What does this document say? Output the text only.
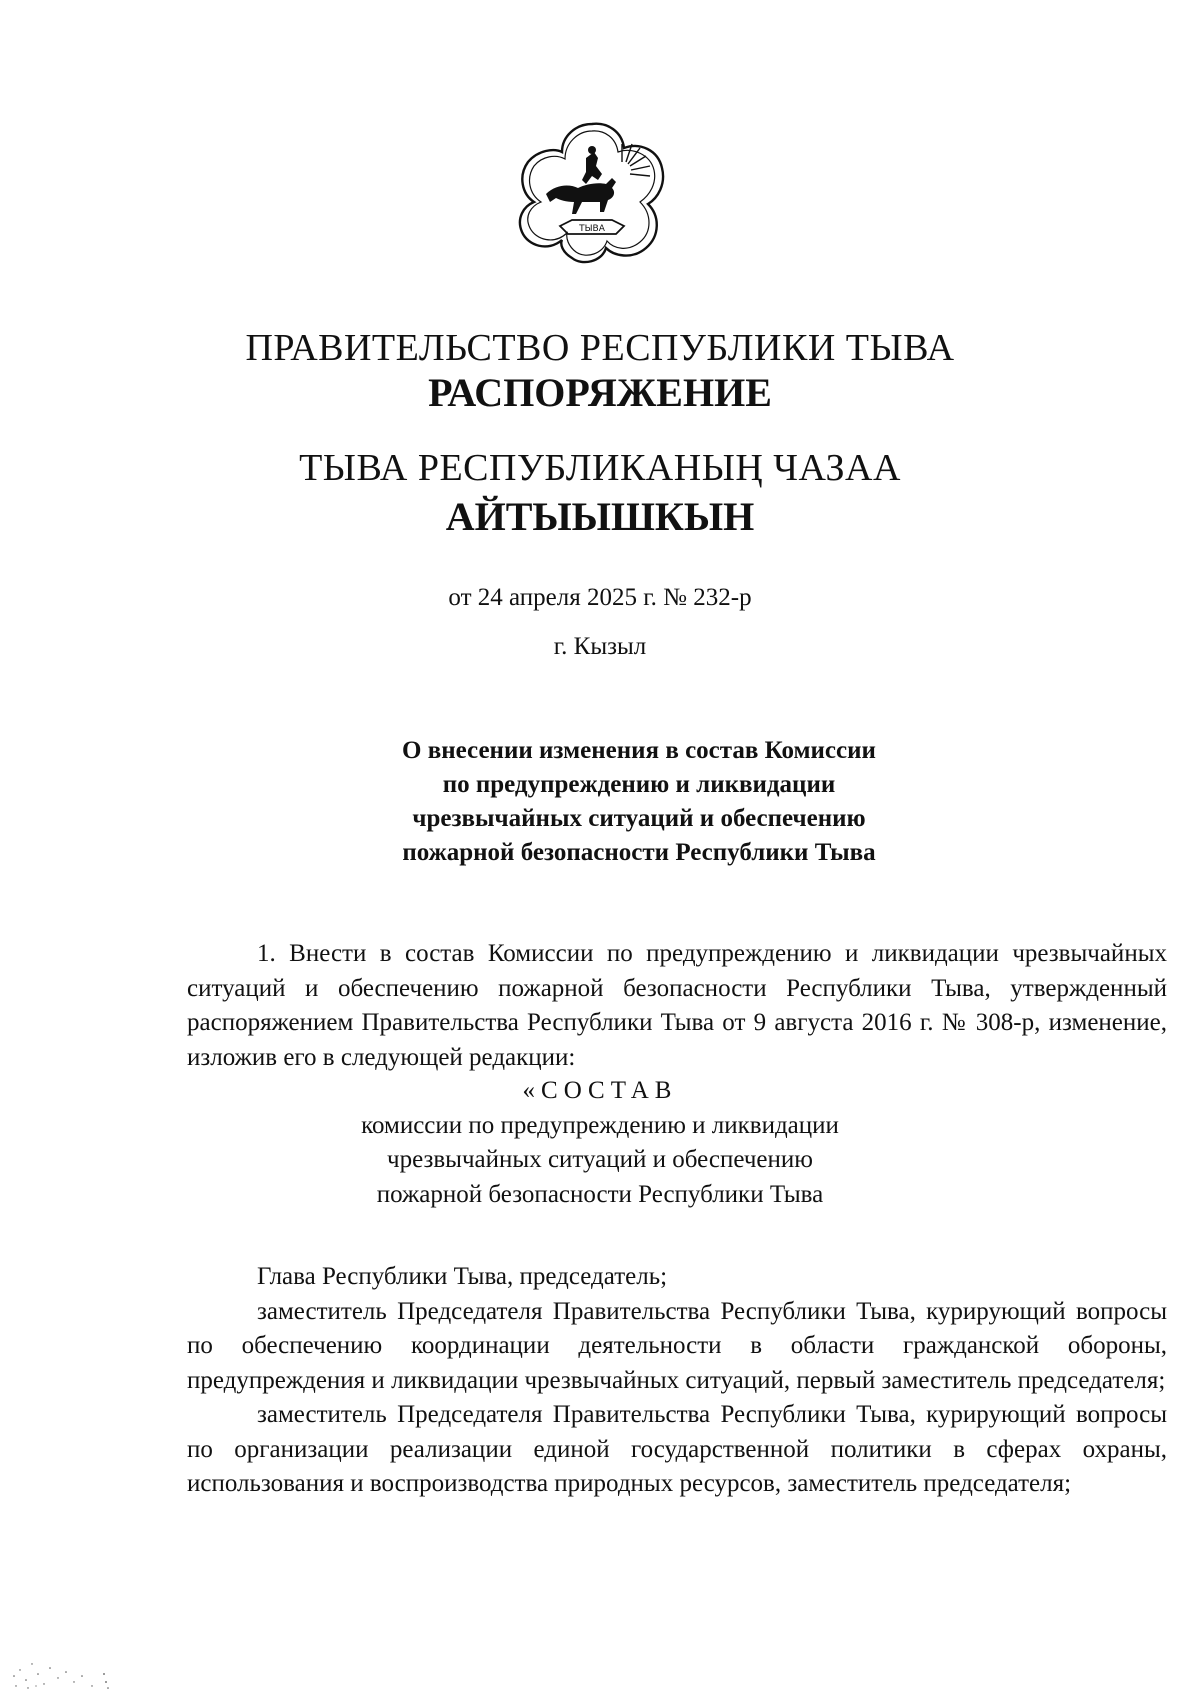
ТЫВА
ПРАВИТЕЛЬСТВО РЕСПУБЛИКИ ТЫВА
РАСПОРЯЖЕНИЕ
ТЫВА РЕСПУБЛИКАНЫҢ ЧАЗАА
АЙТЫЫШКЫН
от 24 апреля 2025 г. № 232-р
г. Кызыл
О внесении изменения в состав Комиссии
по предупреждению и ликвидации
чрезвычайных ситуаций и обеспечению
пожарной безопасности Республики Тыва

1. Внести в состав Комиссии по предупреждению и ликвидации чрезвычайных ситуаций и обеспечению пожарной безопасности Республики Тыва, утвержденный распоряжением Правительства Республики Тыва от 9 августа 2016 г. № 308-р, изменение, изложив его в следующей редакции:

«СОСТАВ
комиссии по предупреждению и ликвидации
чрезвычайных ситуаций и обеспечению
пожарной безопасности Республики Тыва

Глава Республики Тыва, председатель;

заместитель Председателя Правительства Республики Тыва, курирующий вопросы по обеспечению координации деятельности в области гражданской обороны, предупреждения и ликвидации чрезвычайных ситуаций, первый заместитель председателя;

заместитель Председателя Правительства Республики Тыва, курирующий вопросы по организации реализации единой государственной политики в сферах охраны, использования и воспроизводства природных ресурсов, заместитель председателя;
